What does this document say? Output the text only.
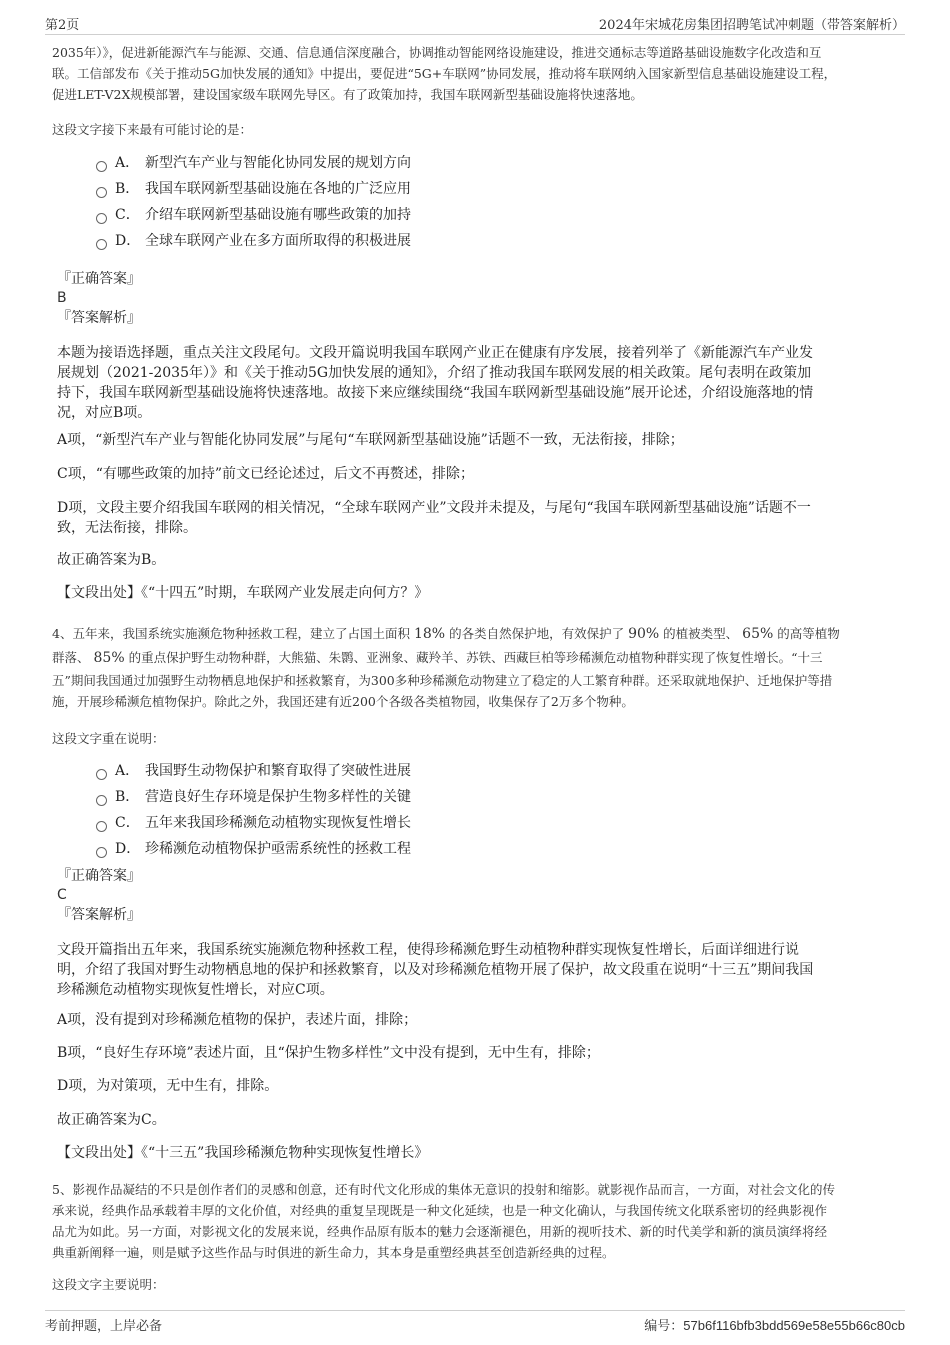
第2页	2024年宋城花房集团招聘笔试冲刺题（带答案解析）

2035年）》，促进新能源汽车与能源、交通、信息通信深度融合，协调推动智能网络设施建设，推进交通标志等道路基础设施数字化改造和互

联。工信部发布《关于推动5G加快发展的通知》中提出，要促进“5G+车联网”协同发展，推动将车联网纳入国家新型信息基础设施建设工程，

促进LET-V2X规模部署，建设国家级车联网先导区。有了政策加持，我国车联网新型基础设施将快速落地。

这段文字接下来最有可能讨论的是：

A． 新型汽车产业与智能化协同发展的规划方向
B． 我国车联网新型基础设施在各地的广泛应用
C． 介绍车联网新型基础设施有哪些政策的加持
D． 全球车联网产业在多方面所取得的积极进展

『正确答案』

B

『答案解析』

本题为接语选择题，重点关注文段尾句。文段开篇说明我国车联网产业正在健康有序发展，接着列举了《新能源汽车产业发

展规划（2021-2035年）》和《关于推动5G加快发展的通知》，介绍了推动我国车联网发展的相关政策。尾句表明在政策加

持下，我国车联网新型基础设施将快速落地。故接下来应继续围绕“我国车联网新型基础设施”展开论述，介绍设施落地的情

况，对应B项。

A项，“新型汽车产业与智能化协同发展”与尾句“车联网新型基础设施”话题不一致，无法衔接，排除；

C项，“有哪些政策的加持”前文已经论述过，后文不再赘述，排除；

D项，文段主要介绍我国车联网的相关情况，“全球车联网产业”文段并未提及，与尾句“我国车联网新型基础设施”话题不一

致，无法衔接，排除。

故正确答案为B。

【文段出处】《“十四五”时期，车联网产业发展走向何方？》

4、五年来，我国系统实施濒危物种拯救工程，建立了占国土面积 18% 的各类自然保护地，有效保护了 90% 的植被类型、 65% 的高等植物

群落、 85% 的重点保护野生动物种群，大熊猫、朱鹮、亚洲象、藏羚羊、苏铁、西藏巨柏等珍稀濒危动植物种群实现了恢复性增长。“十三

五”期间我国通过加强野生动物栖息地保护和拯救繁育，为300多种珍稀濒危动物建立了稳定的人工繁育种群。还采取就地保护、迁地保护等措

施，开展珍稀濒危植物保护。除此之外，我国还建有近200个各级各类植物园，收集保存了2万多个物种。

这段文字重在说明：

A． 我国野生动物保护和繁育取得了突破性进展
B． 营造良好生存环境是保护生物多样性的关键
C． 五年来我国珍稀濒危动植物实现恢复性增长
D． 珍稀濒危动植物保护亟需系统性的拯救工程

『正确答案』

C

『答案解析』

文段开篇指出五年来，我国系统实施濒危物种拯救工程，使得珍稀濒危野生动植物种群实现恢复性增长，后面详细进行说

明，介绍了我国对野生动物栖息地的保护和拯救繁育，以及对珍稀濒危植物开展了保护，故文段重在说明“十三五”期间我国

珍稀濒危动植物实现恢复性增长，对应C项。

A项，没有提到对珍稀濒危植物的保护，表述片面，排除；

B项，“良好生存环境”表述片面，且“保护生物多样性”文中没有提到，无中生有，排除；

D项，为对策项，无中生有，排除。

故正确答案为C。

【文段出处】《“十三五”我国珍稀濒危物种实现恢复性增长》

5、影视作品凝结的不只是创作者们的灵感和创意，还有时代文化形成的集体无意识的投射和缩影。就影视作品而言，一方面，对社会文化的传

承来说，经典作品承载着丰厚的文化价值，对经典的重复呈现既是一种文化延续，也是一种文化确认，与我国传统文化联系密切的经典影视作

品尤为如此。另一方面，对影视文化的发展来说，经典作品原有版本的魅力会逐渐褪色，用新的视听技术、新的时代美学和新的演员演绎将经

典重新阐释一遍，则是赋予这些作品与时俱进的新生命力，其本身是重塑经典甚至创造新经典的过程。

这段文字主要说明：

考前押题，上岸必备	编号：57b6f116bfb3bdd569e58e55b66c80cb
